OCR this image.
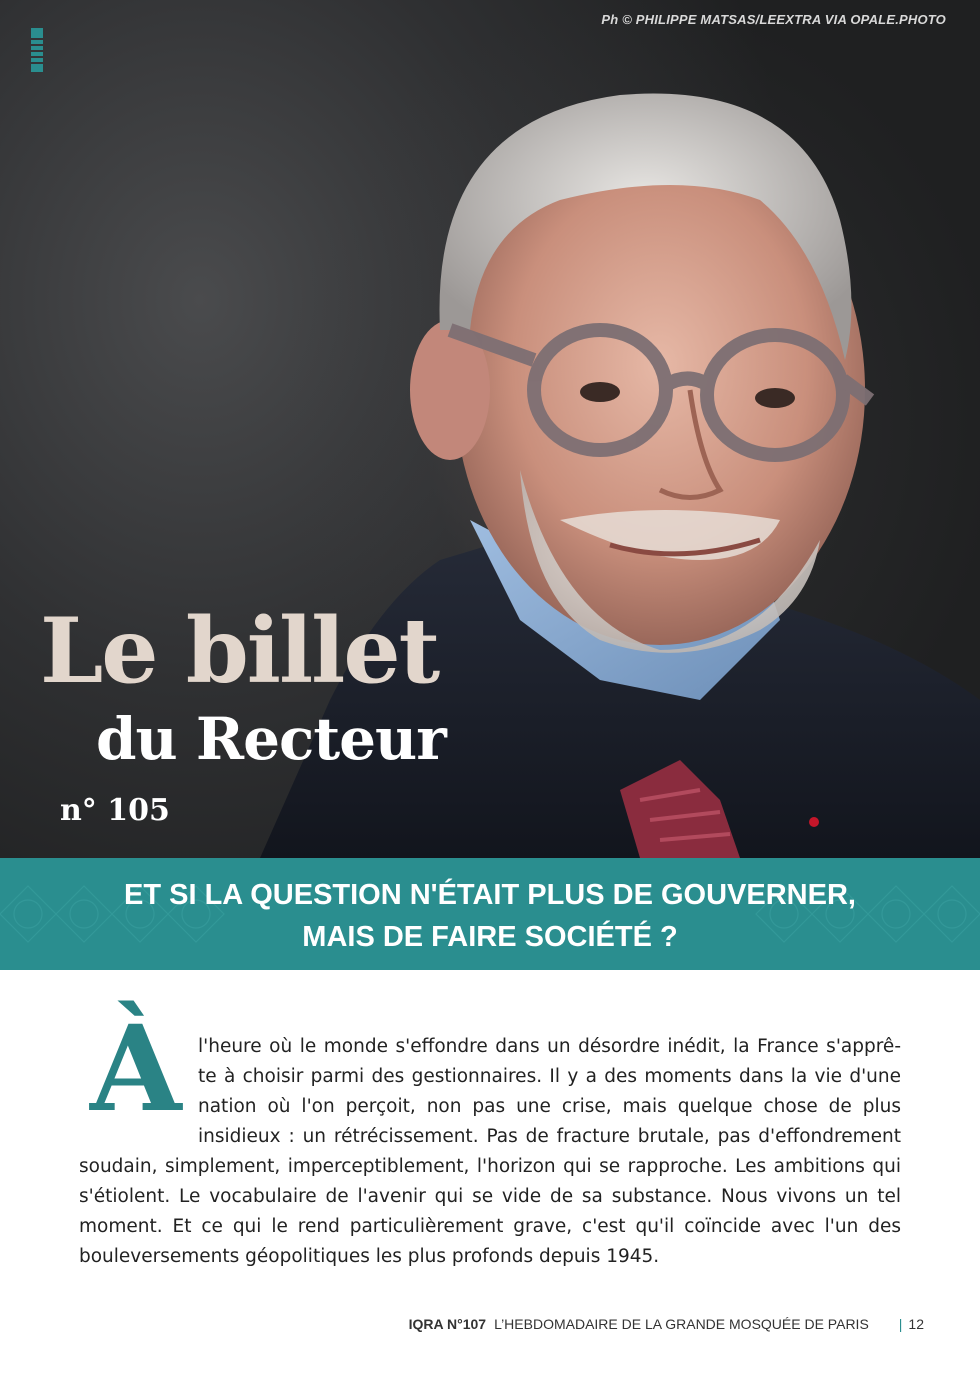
Ph © PHILIPPE MATSAS/LEEXTRA VIA OPALE.PHOTO
Le billet
du Recteur
n° 105
ET SI LA QUESTION N'ÉTAIT PLUS DE GOUVERNER,
MAIS DE FAIRE SOCIÉTÉ ?
À l'heure où le monde s'effondre dans un désordre inédit, la France s'apprê-
te à choisir parmi des gestionnaires. Il y a des moments dans la vie d'une
nation où l'on perçoit, non pas une crise, mais quelque chose de plus
insidieux : un rétrécissement. Pas de fracture brutale, pas d'effondrement
soudain, simplement, imperceptiblement, l'horizon qui se rapproche. Les ambitions qui
s'étiolent. Le vocabulaire de l'avenir qui se vide de sa substance. Nous vivons un tel
moment. Et ce qui le rend particulièrement grave, c'est qu'il coïncide avec l'un des
bouleversements géopolitiques les plus profonds depuis 1945.
IQRA N°107 L’HEBDOMADAIRE DE LA GRANDE MOSQUÉE DE PARIS | 12
